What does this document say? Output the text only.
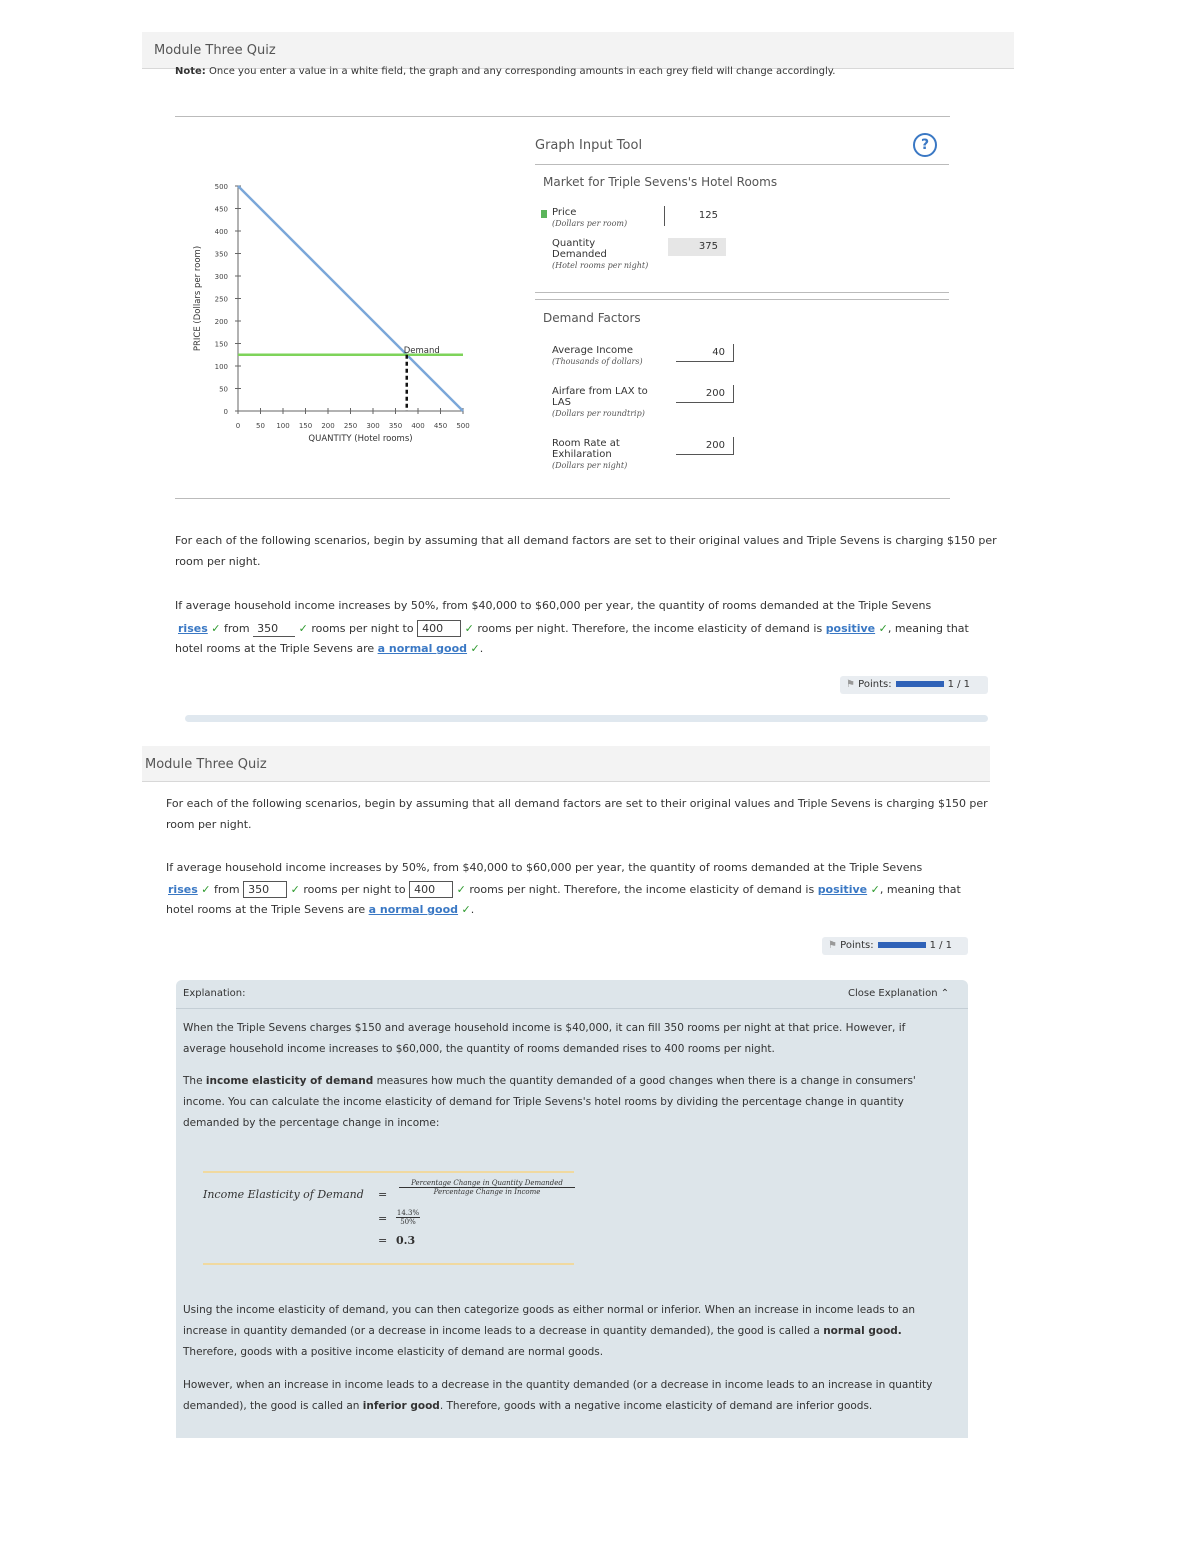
Module Three Quiz
Note: Once you enter a value in a white field, the graph and any corresponding amounts in each grey field will change accordingly.
0
50
100
150
200
250
300
350
400
450
500
0 50 100 150 200 250 300 350 400 450 500
QUANTITY (Hotel rooms)
PRICE (Dollars per room)	Demand
Graph Input Tool	?
Market for Triple Sevens's Hotel Rooms
Price
(Dollars per room)
125
Quantity Demanded
(Hotel rooms per night)
375
Demand Factors
Average Income
(Thousands of dollars)
40
Airfare from LAX to LAS
(Dollars per roundtrip)
200
Room Rate at Exhilaration
(Dollars per night)
200
For each of the following scenarios, begin by assuming that all demand factors are set to their original values and Triple Sevens is charging $150 per
room per night.
If average household income increases by 50%, from $40,000 to $60,000 per year, the quantity of rooms demanded at the Triple Sevens
rises ✓ from 350 ✓ rooms per night to 400 ✓ rooms per night. Therefore, the income elasticity of demand is positive ✓, meaning that
hotel rooms at the Triple Sevens are a normal good ✓.
⚑ Points:	1 / 1
Module Three Quiz
For each of the following scenarios, begin by assuming that all demand factors are set to their original values and Triple Sevens is charging $150 per
room per night.
If average household income increases by 50%, from $40,000 to $60,000 per year, the quantity of rooms demanded at the Triple Sevens
rises ✓ from 350 ✓ rooms per night to 400 ✓ rooms per night. Therefore, the income elasticity of demand is positive ✓, meaning that
hotel rooms at the Triple Sevens are a normal good ✓.
⚑ Points:	1 / 1
Explanation:	Close Explanation ⌃
When the Triple Sevens charges $150 and average household income is $40,000, it can fill 350 rooms per night at that price. However, if
average household income increases to $60,000, the quantity of rooms demanded rises to 400 rooms per night.
The income elasticity of demand measures how much the quantity demanded of a good changes when there is a change in consumers'
income. You can calculate the income elasticity of demand for Triple Sevens's hotel rooms by dividing the percentage change in quantity
demanded by the percentage change in income:
Income Elasticity of Demand =
Percentage Change in Quantity Demanded
Percentage Change in Income
= $\frac{14.3\%}{50\%}$
= 0.3
Using the income elasticity of demand, you can then categorize goods as either normal or inferior. When an increase in income leads to an
increase in quantity demanded (or a decrease in income leads to a decrease in quantity demanded), the good is called a normal good.
Therefore, goods with a positive income elasticity of demand are normal goods.
However, when an increase in income leads to a decrease in the quantity demanded (or a decrease in income leads to an increase in quantity
demanded), the good is called an inferior good. Therefore, goods with a negative income elasticity of demand are inferior goods.
